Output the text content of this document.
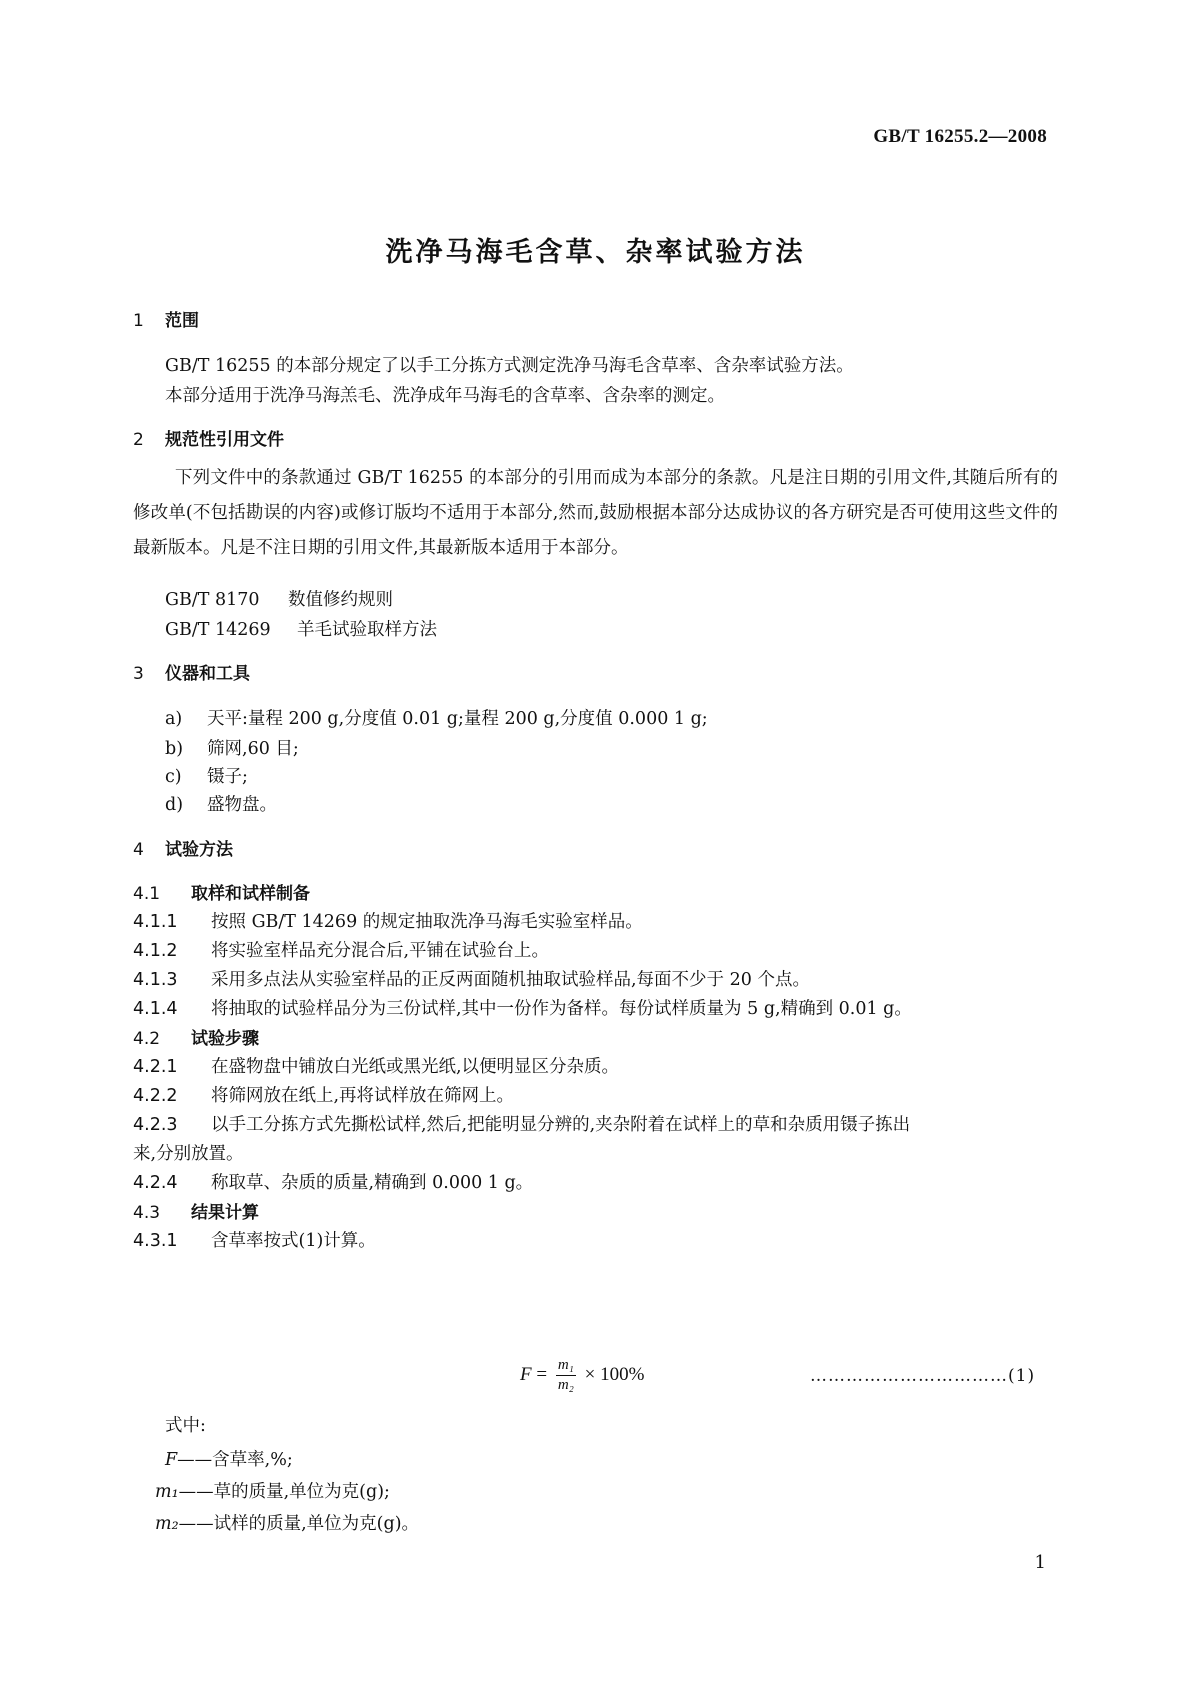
GB/T 16255.2—2008
洗净马海毛含草、杂率试验方法
1 范围
GB/T 16255 的本部分规定了以手工分拣方式测定洗净马海毛含草率、含杂率试验方法。
本部分适用于洗净马海羔毛、洗净成年马海毛的含草率、含杂率的测定。
2 规范性引用文件
下列文件中的条款通过 GB/T 16255 的本部分的引用而成为本部分的条款。凡是注日期的引用文件,其随后所有的修改单(不包括勘误的内容)或修订版均不适用于本部分,然而,鼓励根据本部分达成协议的各方研究是否可使用这些文件的最新版本。凡是不注日期的引用文件,其最新版本适用于本部分。
GB/T 8170 数值修约规则
GB/T 14269 羊毛试验取样方法
3 仪器和工具
a) 天平:量程 200 g,分度值 0.01 g;量程 200 g,分度值 0.000 1 g;
b) 筛网,60 目;
c) 镊子;
d) 盛物盘。
4 试验方法
4.1 取样和试样制备
4.1.1 按照 GB/T 14269 的规定抽取洗净马海毛实验室样品。
4.1.2 将实验室样品充分混合后,平铺在试验台上。
4.1.3 采用多点法从实验室样品的正反两面随机抽取试验样品,每面不少于 20 个点。
4.1.4 将抽取的试验样品分为三份试样,其中一份作为备样。每份试样质量为 5 g,精确到 0.01 g。
4.2 试验步骤
4.2.1 在盛物盘中铺放白光纸或黑光纸,以便明显区分杂质。
4.2.2 将筛网放在纸上,再将试样放在筛网上。
4.2.3 以手工分拣方式先撕松试样,然后,把能明显分辨的,夹杂附着在试样上的草和杂质用镊子拣出
来,分别放置。
4.2.4 称取草、杂质的质量,精确到 0.000 1 g。
4.3 结果计算
4.3.1 含草率按式(1)计算。
$F = \frac{\text{m₁}}{\text{m₂}} \times 100\%$	……………………………(1)
式中:
F——含草率,%;
m₁——草的质量,单位为克(g);
m₂——试样的质量,单位为克(g)。
1
